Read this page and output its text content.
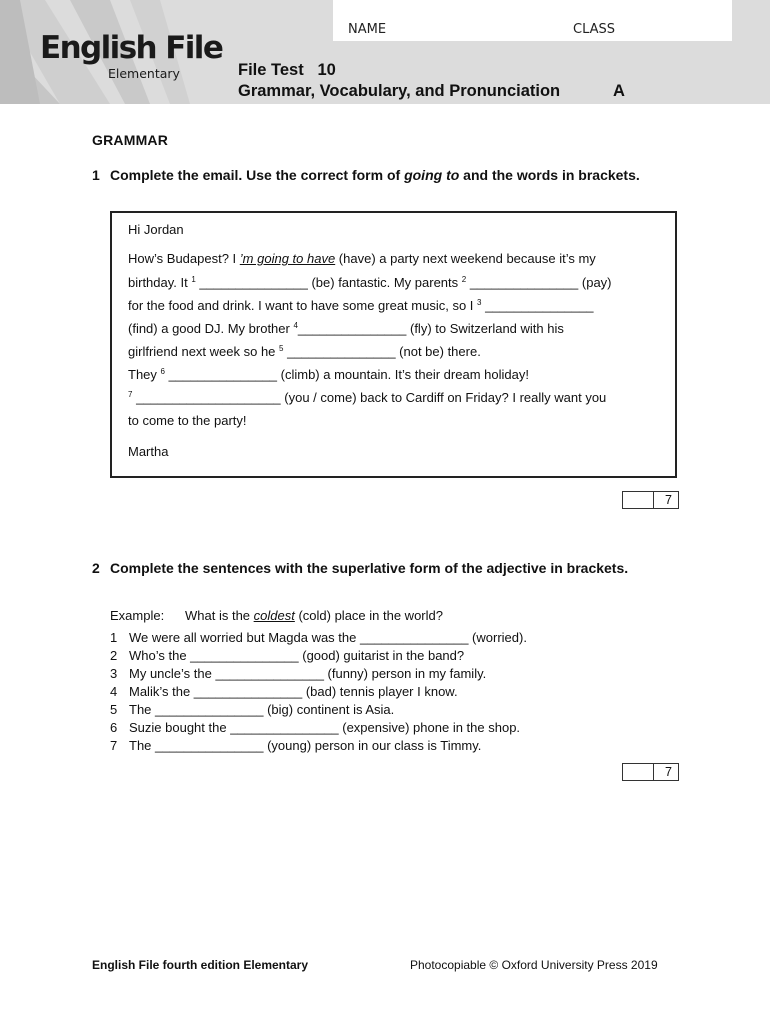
English File
Elementary
NAME	CLASS
File Test   10
Grammar, Vocabulary, and Pronunciation	A
GRAMMAR
1 Complete the email. Use the correct form of going to and the words in brackets.
Hi Jordan
How’s Budapest? I ’m going to have (have) a party next weekend because it’s my
birthday. It $^1$ _______________ (be) fantastic. My parents $^2$ _______________ (pay)
for the food and drink. I want to have some great music, so I $^3$ _______________
(find) a good DJ. My brother $^4$_______________ (fly) to Switzerland with his
girlfriend next week so he $^5$ _______________ (not be) there.
They $^6$ _______________ (climb) a mountain. It’s their dream holiday!
$^7$ ____________________ (you / come) back to Cardiff on Friday? I really want you
to come to the party!
Martha
7
2 Complete the sentences with the superlative form of the adjective in brackets.
Example: What is the coldest (cold) place in the world?
1 We were all worried but Magda was the _______________ (worried).
2 Who’s the _______________ (good) guitarist in the band?
3 My uncle’s the _______________ (funny) person in my family.
4 Malik’s the _______________ (bad) tennis player I know.
5 The _______________ (big) continent is Asia.
6 Suzie bought the _______________ (expensive) phone in the shop.
7 The _______________ (young) person in our class is Timmy.
7
English File fourth edition Elementary	Photocopiable © Oxford University Press 2019
